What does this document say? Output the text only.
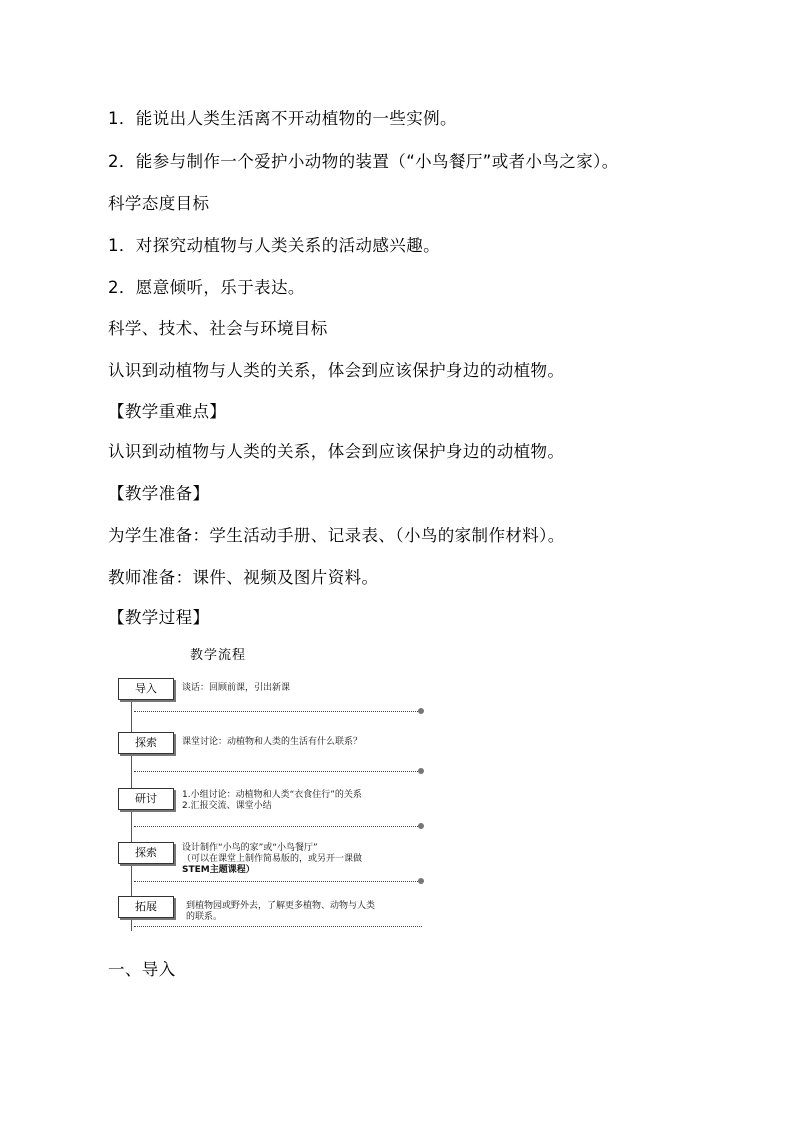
1．能说出人类生活离不开动植物的一些实例。
2．能参与制作一个爱护小动物的装置（“小鸟餐厅”或者小鸟之家）。
科学态度目标
1．对探究动植物与人类关系的活动感兴趣。
2．愿意倾听，乐于表达。
科学、技术、社会与环境目标
认识到动植物与人类的关系，体会到应该保护身边的动植物。
【教学重难点】
认识到动植物与人类的关系，体会到应该保护身边的动植物。
【教学准备】
为学生准备：学生活动手册、记录表、（小鸟的家制作材料）。
教师准备：课件、视频及图片资料。
【教学过程】
教学流程
导入	谈话：回顾前课，引出新课
探索	课堂讨论：动植物和人类的生活有什么联系？
研讨	1.小组讨论：动植物和人类“衣食住行”的关系
2.汇报交流、课堂小结
探索	设计制作“小鸟的家”或“小鸟餐厅”
（可以在课堂上制作简易版的，或另开一课做
STEM主题课程）
拓展	到植物园或野外去，了解更多植物、动物与人类
的联系。
一、导入
